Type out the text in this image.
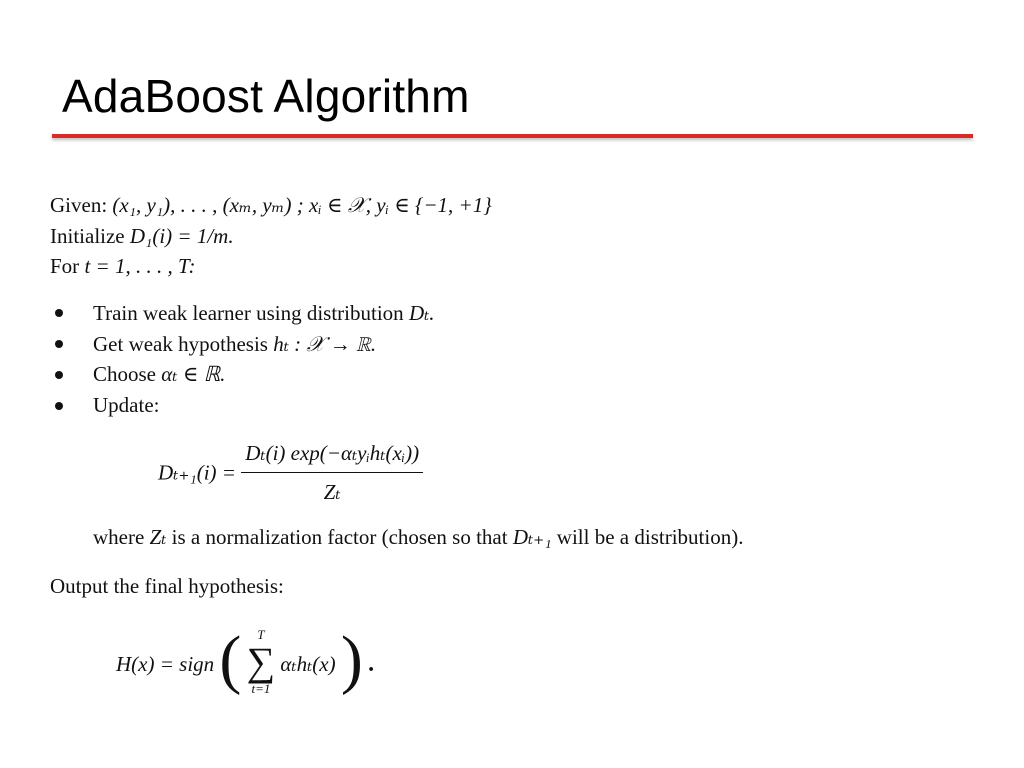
AdaBoost Algorithm
Given: (x₁, y₁), . . . , (xₘ, yₘ) ; xᵢ ∈ 𝒳, yᵢ ∈ {−1, +1}
Initialize D₁(i) = 1/m.
For t = 1, . . . , T:
Train weak learner using distribution Dₜ.
Get weak hypothesis hₜ : 𝒳 → ℝ.
Choose αₜ ∈ ℝ.
Update:
$D_{t+1}(i) = \frac{\text{Dₜ(i) exp(−αₜyᵢhₜ(xᵢ))}}{\text{Zₜ}}$
where Zₜ is a normalization factor (chosen so that Dₜ₊₁ will be a distribution).
Output the final hypothesis:
H(x) = sign (	T
∑
t=1
αₜhₜ(x) ) .
